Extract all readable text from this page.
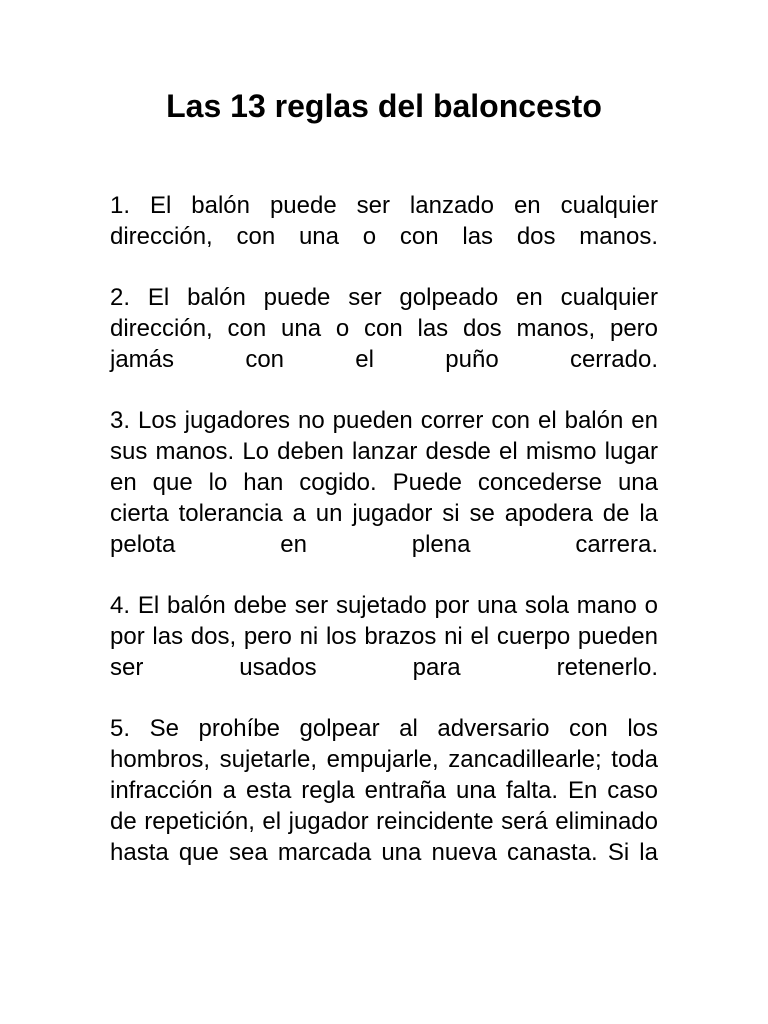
Las 13 reglas del baloncesto

1. El balón puede ser lanzado en cualquier dirección, con una o con las dos manos.

2. El balón puede ser golpeado en cualquier dirección, con una o con las dos manos, pero jamás con el puño cerrado.

3. Los jugadores no pueden correr con el balón en sus manos. Lo deben lanzar desde el mismo lugar en que lo han cogido. Puede concederse una cierta tolerancia a un jugador si se apodera de la pelota en plena carrera.

4. El balón debe ser sujetado por una sola mano o por las dos, pero ni los brazos ni el cuerpo pueden ser usados para retenerlo.

5. Se prohíbe golpear al adversario con los hombros, sujetarle, empujarle, zancadillearle; toda infracción a esta regla entraña una falta. En caso de repetición, el jugador reincidente será eliminado hasta que sea marcada una nueva canasta. Si la
